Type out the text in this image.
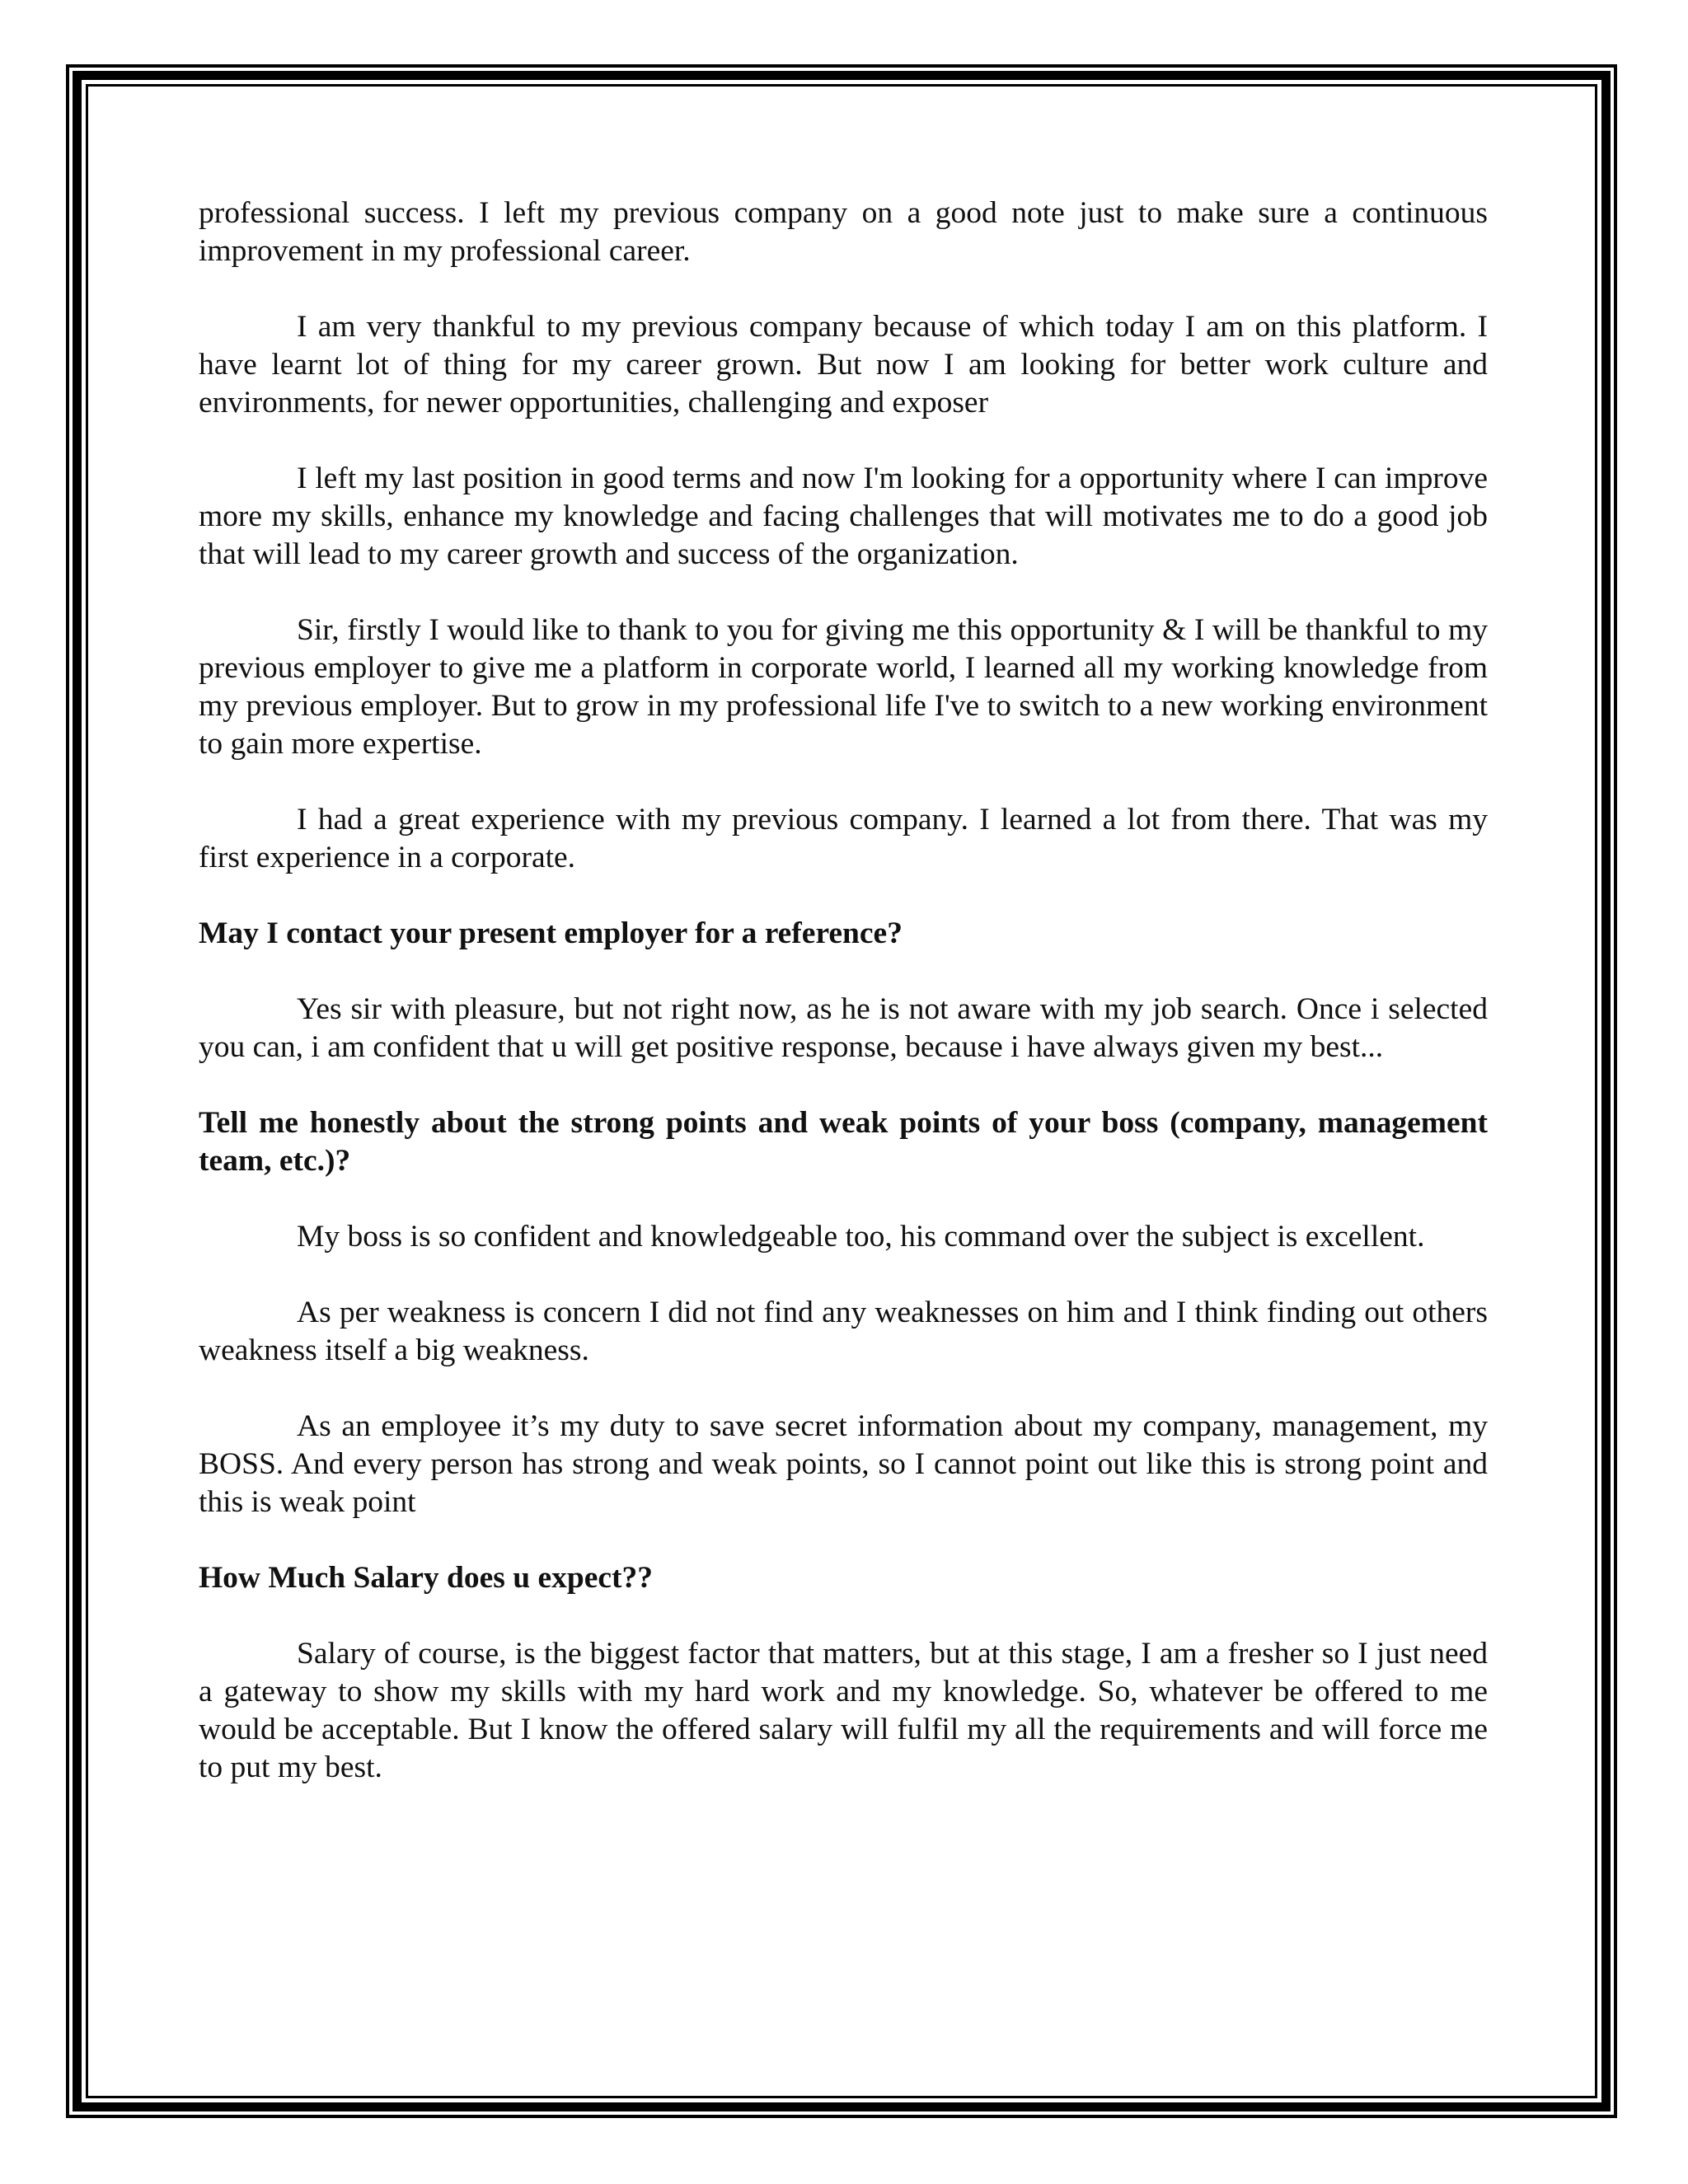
professional success. I left my previous company on a good note just to make sure a continuous improvement in my professional career.

I am very thankful to my previous company because of which today I am on this platform. I have learnt lot of thing for my career grown. But now I am looking for better work culture and environments, for newer opportunities, challenging and exposer

I left my last position in good terms and now I'm looking for a opportunity where I can improve more my skills, enhance my knowledge and facing challenges that will motivates me to do a good job that will lead to my career growth and success of the organization.

Sir, firstly I would like to thank to you for giving me this opportunity & I will be thankful to my previous employer to give me a platform in corporate world, I learned all my working knowledge from my previous employer. But to grow in my professional life I've to switch to a new working environment to gain more expertise.

I had a great experience with my previous company. I learned a lot from there. That was my first experience in a corporate.

May I contact your present employer for a reference?

Yes sir with pleasure, but not right now, as he is not aware with my job search. Once i selected you can, i am confident that u will get positive response, because i have always given my best...

Tell me honestly about the strong points and weak points of your boss (company, management team, etc.)?

My boss is so confident and knowledgeable too, his command over the subject is excellent.

As per weakness is concern I did not find any weaknesses on him and I think finding out others weakness itself a big weakness.

As an employee it’s my duty to save secret information about my company, management, my BOSS. And every person has strong and weak points, so I cannot point out like this is strong point and this is weak point

How Much Salary does u expect??

Salary of course, is the biggest factor that matters, but at this stage, I am a fresher so I just need a gateway to show my skills with my hard work and my knowledge. So, whatever be offered to me would be acceptable. But I know the offered salary will fulfil my all the requirements and will force me to put my best.
